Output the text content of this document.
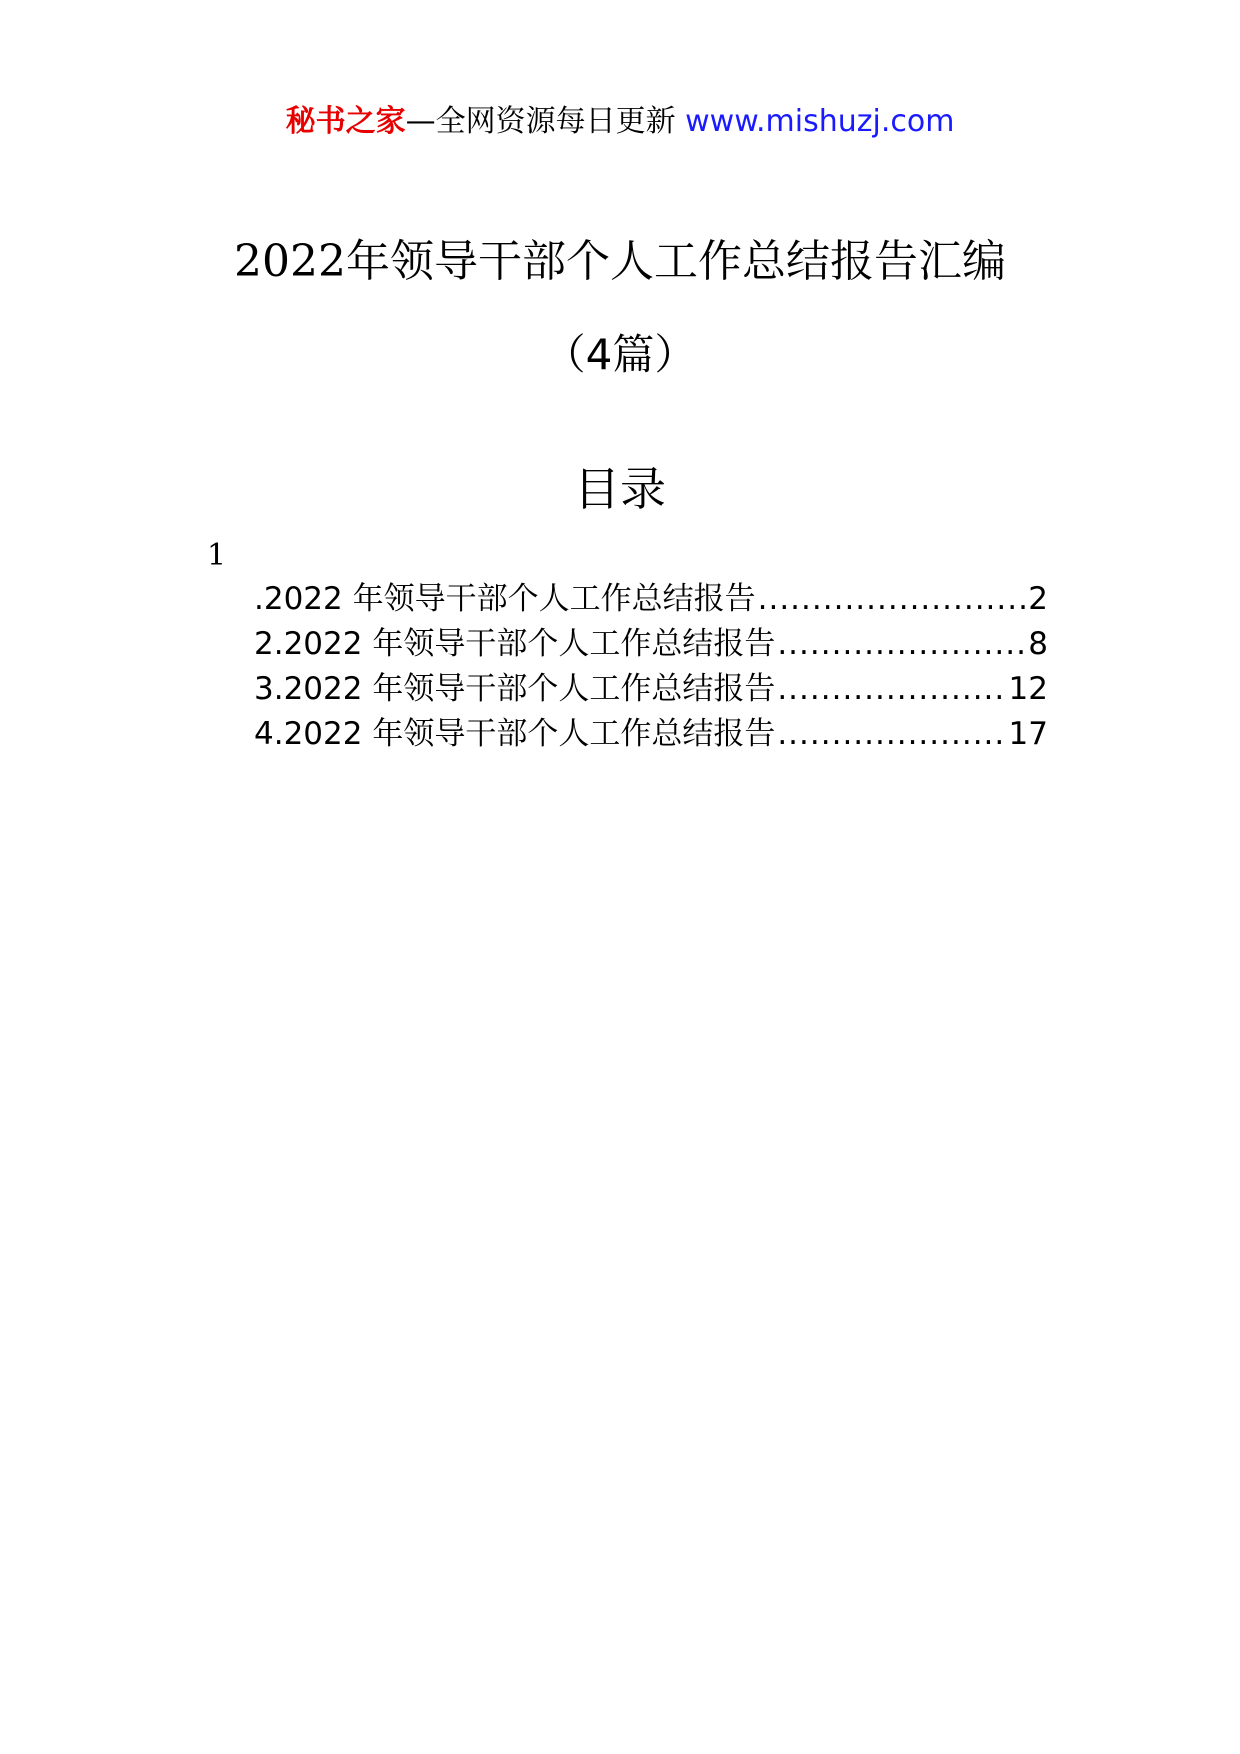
秘书之家—全网资源每日更新 www.mishuzj.com
2022年领导干部个人工作总结报告汇编
（4篇）
目录
1
.2022 年领导干部个人工作总结报告 .....	2
2.2022 年领导干部个人工作总结报告 .....	8
3.2022 年领导干部个人工作总结报告 .....	12
4.2022 年领导干部个人工作总结报告 .....	17
